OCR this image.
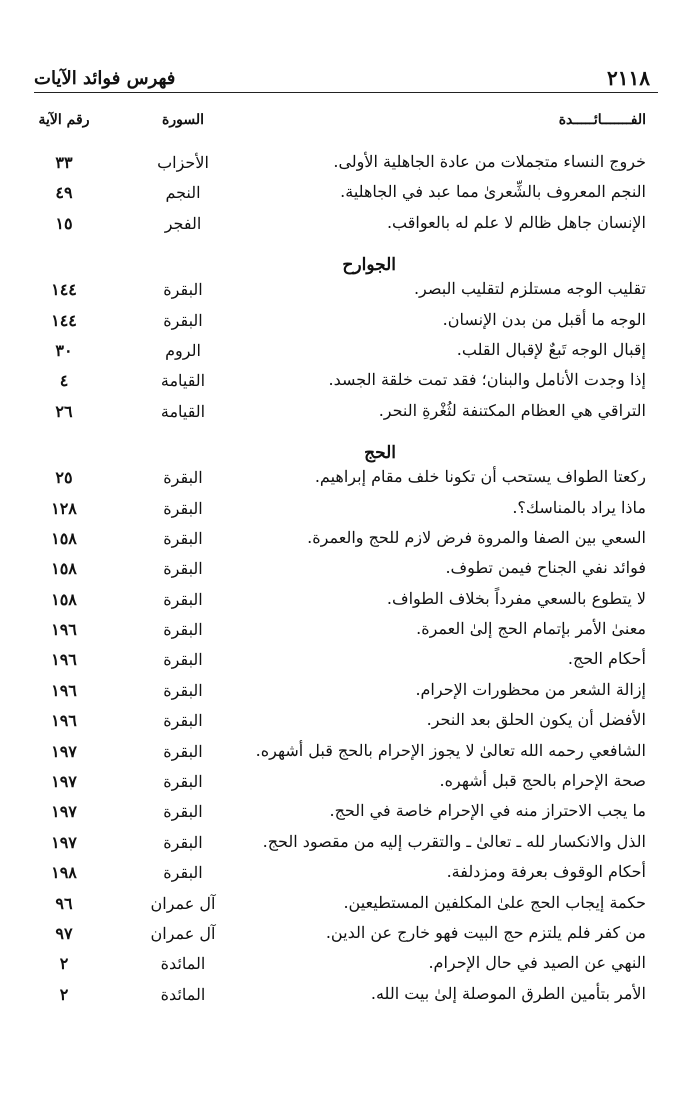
٢١١٨
فهرس فوائد الآيات
الفـــــــائـــــدة
السورة
رقم الآية
خروج النساء متجملات من عادة الجاهلية الأولى.
الأحزاب
٣٣
النجم المعروف بالشِّعرىٰ مما عبد في الجاهلية.
النجم
٤٩
الإنسان جاهل ظالم لا علم له بالعواقب.
الفجر
١٥
الجوارح
تقليب الوجه مستلزم لتقليب البصر.
البقرة
١٤٤
الوجه ما أقبل من بدن الإنسان.
البقرة
١٤٤
إقبال الوجه تَبعٌ لإقبال القلب.
الروم
٣٠
إذا وجدت الأنامل والبنان؛ فقد تمت خلقة الجسد.
القيامة
٤
التراقي هي العظام المكتنفة لثُغْرةِ النحر.
القيامة
٢٦
الحج
ركعتا الطواف يستحب أن تكونا خلف مقام إبراهيم.
البقرة
٢٥
ماذا يراد بالمناسك؟.
البقرة
١٢٨
السعي بين الصفا والمروة فرض لازم للحج والعمرة.
البقرة
١٥٨
فوائد نفي الجناح فيمن تطوف.
البقرة
١٥٨
لا يتطوع بالسعي مفرداً بخلاف الطواف.
البقرة
١٥٨
معنىٰ الأمر بإتمام الحج إلىٰ العمرة.
البقرة
١٩٦
أحكام الحج.
البقرة
١٩٦
إزالة الشعر من محظورات الإحرام.
البقرة
١٩٦
الأفضل أن يكون الحلق بعد النحر.
البقرة
١٩٦
الشافعي رحمه الله تعالىٰ لا يجوز الإحرام بالحج قبل أشهره.
البقرة
١٩٧
صحة الإحرام بالحج قبل أشهره.
البقرة
١٩٧
ما يجب الاحتراز منه في الإحرام خاصة في الحج.
البقرة
١٩٧
الذل والانكسار لله ـ تعالىٰ ـ والتقرب إليه من مقصود الحج.
البقرة
١٩٧
أحكام الوقوف بعرفة ومزدلفة.
البقرة
١٩٨
حكمة إيجاب الحج علىٰ المكلفين المستطيعين.
آل عمران
٩٦
من كفر فلم يلتزم حج البيت فهو خارج عن الدين.
آل عمران
٩٧
النهي عن الصيد في حال الإحرام.
المائدة
٢
الأمر بتأمين الطرق الموصلة إلىٰ بيت الله.
المائدة
٢
